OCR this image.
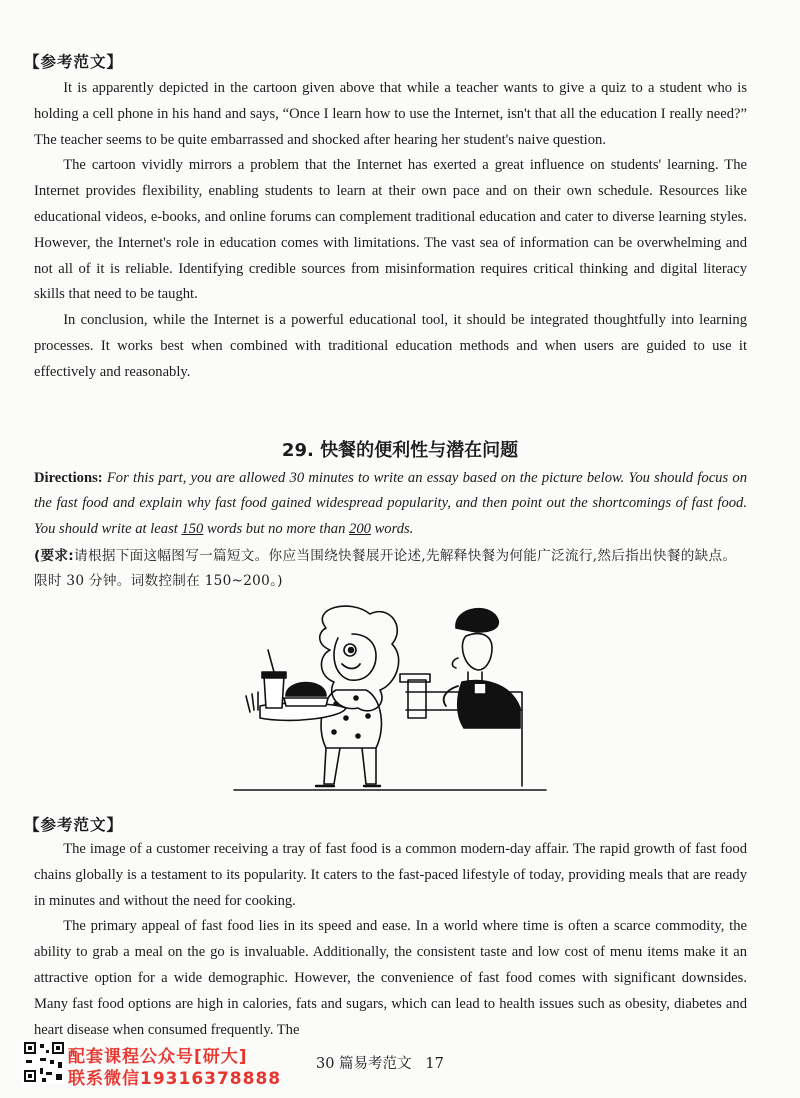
【参考范文】

It is apparently depicted in the cartoon given above that while a teacher wants to give a quiz to a student who is holding a cell phone in his hand and says, “Once I learn how to use the Internet, isn't that all the education I really need?” The teacher seems to be quite embarrassed and shocked after hearing her student's naive question.

The cartoon vividly mirrors a problem that the Internet has exerted a great influence on students' learning. The Internet provides flexibility, enabling students to learn at their own pace and on their own schedule. Resources like educational videos, e-books, and online forums can complement traditional education and cater to diverse learning styles. However, the Internet's role in education comes with limitations. The vast sea of information can be overwhelming and not all of it is reliable. Identifying credible sources from misinformation requires critical thinking and digital literacy skills that need to be taught.

In conclusion, while the Internet is a powerful educational tool, it should be integrated thoughtfully into learning processes. It works best when combined with traditional education methods and when users are guided to use it effectively and reasonably.

29. 快餐的便利性与潜在问题
Directions: For this part, you are allowed 30 minutes to write an essay based on the picture below. You should focus on the fast food and explain why fast food gained widespread popularity, and then point out the shortcomings of fast food. You should write at least 150 words but no more than 200 words.
(要求:请根据下面这幅图写一篇短文。你应当围绕快餐展开论述,先解释快餐为何能广泛流行,然后指出快餐的缺点。限时 30 分钟。词数控制在 150~200。)
【参考范文】

The image of a customer receiving a tray of fast food is a common modern-day affair. The rapid growth of fast food chains globally is a testament to its popularity. It caters to the fast-paced lifestyle of today, providing meals that are ready in minutes and without the need for cooking.

The primary appeal of fast food lies in its speed and ease. In a world where time is often a scarce commodity, the ability to grab a meal on the go is invaluable. Additionally, the consistent taste and low cost of menu items make it an attractive option for a wide demographic. However, the convenience of fast food comes with significant downsides. Many fast food options are high in calories, fats and sugars, which can lead to health issues such as obesity, diabetes and heart disease when consumed frequently. The

配套课程公众号[研大]
联系微信19316378888
30 篇易考范文 17
